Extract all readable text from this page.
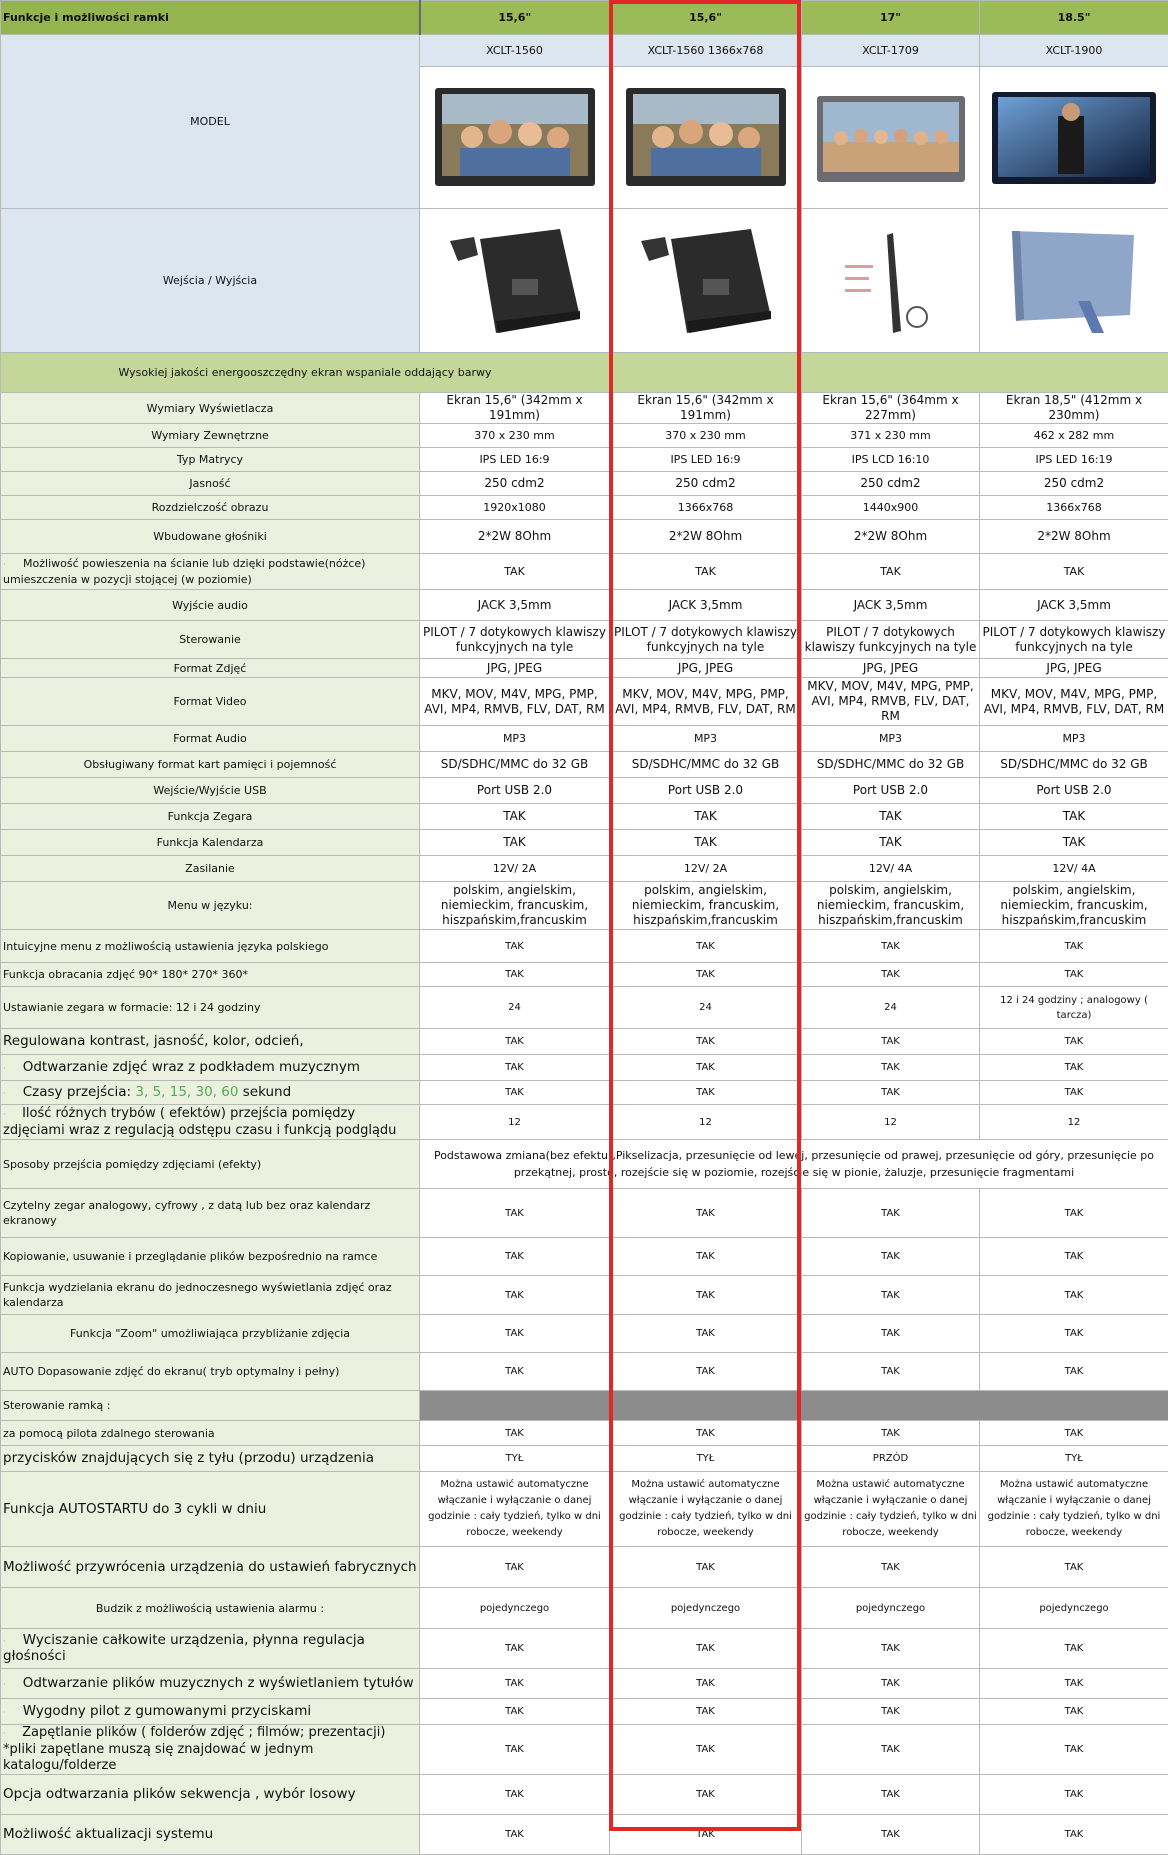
Funkcje i możliwości ramki	15,6"	15,6"	17"	18.5"
MODEL	XCLT-1560	XCLT-1560 1366x768	XCLT-1709	XCLT-1900

Wejścia / Wyjścia	

Wysokiej jakości energooszczędny ekran wspaniale oddający barwy				
Wymiary Wyświetlacza	Ekran 15,6" (342mm x 191mm)	Ekran 15,6" (342mm x 191mm)	Ekran 15,6" (364mm x 227mm)	Ekran 18,5" (412mm x 230mm)
Wymiary Zewnętrzne	370 x 230 mm	370 x 230 mm	371 x 230 mm	462 x 282 mm
Typ Matrycy	IPS LED 16:9	IPS LED 16:9	IPS LCD 16:10	IPS LED 16:19
Jasność	250 cdm2	250 cdm2	250 cdm2	250 cdm2
Rozdzielczość obrazu	1920x1080	1366x768	1440x900	1366x768
Wbudowane głośniki	2*2W 8Ohm	2*2W 8Ohm	2*2W 8Ohm	2*2W 8Ohm
· Możliwość powieszenia na ścianie lub dzięki podstawie(nóżce) umieszczenia w pozycji stojącej (w poziomie)	TAK	TAK	TAK	TAK
Wyjście audio	JACK 3,5mm	JACK 3,5mm	JACK 3,5mm	JACK 3,5mm
Sterowanie	PILOT / 7 dotykowych klawiszy funkcyjnych na tyle	PILOT / 7 dotykowych klawiszy funkcyjnych na tyle	PILOT / 7 dotykowych klawiszy funkcyjnych na tyle	PILOT / 7 dotykowych klawiszy funkcyjnych na tyle
Format Zdjęć	JPG, JPEG	JPG, JPEG	JPG, JPEG	JPG, JPEG
Format Video	MKV, MOV, M4V, MPG, PMP, AVI, MP4, RMVB, FLV, DAT, RM	MKV, MOV, M4V, MPG, PMP, AVI, MP4, RMVB, FLV, DAT, RM	MKV, MOV, M4V, MPG, PMP, AVI, MP4, RMVB, FLV, DAT, RM	MKV, MOV, M4V, MPG, PMP, AVI, MP4, RMVB, FLV, DAT, RM
Format Audio	MP3	MP3	MP3	MP3
Obsługiwany format kart pamięci i pojemność	SD/SDHC/MMC do 32 GB	SD/SDHC/MMC do 32 GB	SD/SDHC/MMC do 32 GB	SD/SDHC/MMC do 32 GB
Wejście/Wyjście USB	Port USB 2.0	Port USB 2.0	Port USB 2.0	Port USB 2.0
Funkcja Zegara	TAK	TAK	TAK	TAK
Funkcja Kalendarza	TAK	TAK	TAK	TAK
Zasilanie	12V/ 2A	12V/ 2A	12V/ 4A	12V/ 4A
Menu w języku:	polskim, angielskim, niemieckim, francuskim, hiszpańskim,francuskim	polskim, angielskim, niemieckim, francuskim, hiszpańskim,francuskim	polskim, angielskim, niemieckim, francuskim, hiszpańskim,francuskim	polskim, angielskim, niemieckim, francuskim, hiszpańskim,francuskim
Intuicyjne menu z możliwością ustawienia języka polskiego	TAK	TAK	TAK	TAK
Funkcja obracania zdjęć 90* 180* 270* 360*	TAK	TAK	TAK	TAK
Ustawianie zegara w formacie: 12 i 24 godziny	24	24	24	12 i 24 godziny ; analogowy ( tarcza)
Regulowana kontrast, jasność, kolor, odcień,	TAK	TAK	TAK	TAK
· Odtwarzanie zdjęć wraz z podkładem muzycznym	TAK	TAK	TAK	TAK
· Czasy przejścia: 3, 5, 15, 30, 60 sekund	TAK	TAK	TAK	TAK
· Ilość różnych trybów ( efektów) przejścia pomiędzy zdjęciami wraz z regulacją odstępu czasu i funkcją podglądu	12	12	12	12
Sposoby przejścia pomiędzy zdjęciami (efekty)	Podstawowa zmiana(bez efektu),Pikselizacja, przesunięcie od lewej, przesunięcie od prawej, przesunięcie od góry, przesunięcie po przekątnej, prosto, rozejście się w poziomie, rozejście się w pionie, żaluzje, przesunięcie fragmentami			
Czytelny zegar analogowy, cyfrowy , z datą lub bez oraz kalendarz ekranowy	TAK	TAK	TAK	TAK
Kopiowanie, usuwanie i przeglądanie plików bezpośrednio na ramce	TAK	TAK	TAK	TAK
Funkcja wydzielania ekranu do jednoczesnego wyświetlania zdjęć oraz kalendarza	TAK	TAK	TAK	TAK
Funkcja "Zoom" umożliwiająca przybliżanie zdjęcia	TAK	TAK	TAK	TAK
AUTO Dopasowanie zdjęć do ekranu( tryb optymalny i pełny)	TAK	TAK	TAK	TAK
Sterowanie ramką :				
za pomocą pilota zdalnego sterowania	TAK	TAK	TAK	TAK
przycisków znajdujących się z tyłu (przodu) urządzenia	TYŁ	TYŁ	PRZÓD	TYŁ
Funkcja AUTOSTARTU do 3 cykli w dniu	Można ustawić automatyczne włączanie i wyłączanie o danej godzinie : cały tydzień, tylko w dni robocze, weekendy	Można ustawić automatyczne włączanie i wyłączanie o danej godzinie : cały tydzień, tylko w dni robocze, weekendy	Można ustawić automatyczne włączanie i wyłączanie o danej godzinie : cały tydzień, tylko w dni robocze, weekendy	Można ustawić automatyczne włączanie i wyłączanie o danej godzinie : cały tydzień, tylko w dni robocze, weekendy
Możliwość przywrócenia urządzenia do ustawień fabrycznych	TAK	TAK	TAK	TAK
Budzik z możliwością ustawienia alarmu :	pojedynczego	pojedynczego	pojedynczego	pojedynczego
· Wyciszanie całkowite urządzenia, płynna regulacja głośności	TAK	TAK	TAK	TAK
· Odtwarzanie plików muzycznych z wyświetlaniem tytułów	TAK	TAK	TAK	TAK
· Wygodny pilot z gumowanymi przyciskami	TAK	TAK	TAK	TAK
· Zapętlanie plików ( folderów zdjęć ; filmów; prezentacji) *pliki zapętlane muszą się znajdować w jednym katalogu/folderze	TAK	TAK	TAK	TAK
Opcja odtwarzania plików sekwencja , wybór losowy	TAK	TAK	TAK	TAK
Możliwość aktualizacji systemu	TAK	TAK	TAK	TAK
